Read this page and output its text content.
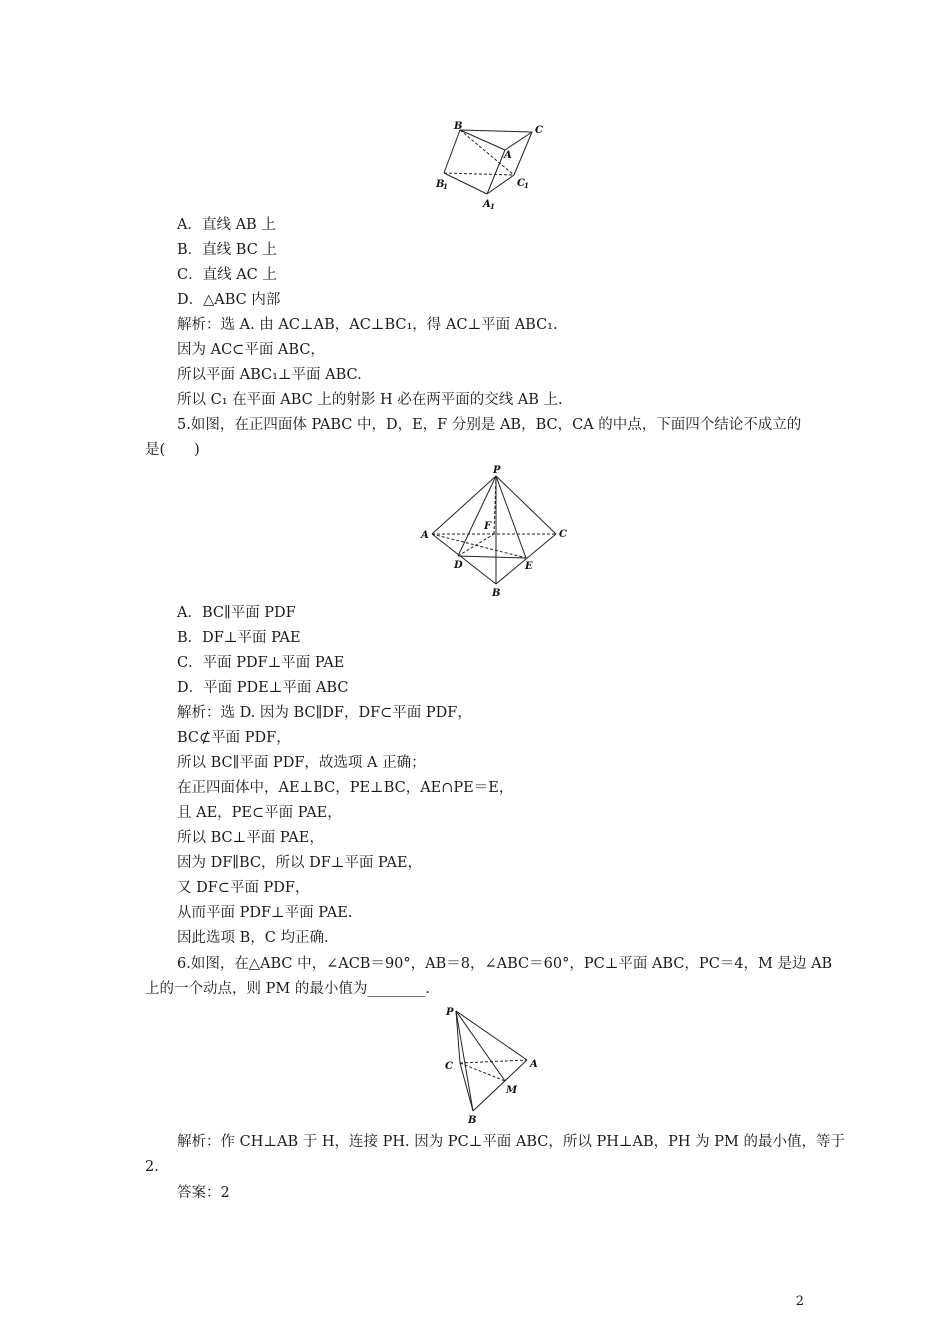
B	C
A
B
1	C 1
A 1
A．直线 AB 上
B．直线 BC 上
C．直线 AC 上
D．△ABC 内部
解析：选 A. 由 AC⊥AB，AC⊥BC₁，得 AC⊥平面 ABC₁.
因为 AC⊂平面 ABC，
所以平面 ABC₁⊥平面 ABC.
所以 C₁ 在平面 ABC 上的射影 H 必在两平面的交线 AB 上.
5.如图，在正四面体 PABC 中，D，E，F 分别是 AB，BC，CA 的中点，下面四个结论不成立的
是(　　)
P
A	C
F
D	E
B
A．BC∥平面 PDF
B．DF⊥平面 PAE
C．平面 PDF⊥平面 PAE
D．平面 PDE⊥平面 ABC
解析：选 D. 因为 BC∥DF，DF⊂平面 PDF，
BC⊄平面 PDF，
所以 BC∥平面 PDF，故选项 A 正确；
在正四面体中，AE⊥BC，PE⊥BC，AE∩PE＝E，
且 AE，PE⊂平面 PAE，
所以 BC⊥平面 PAE，
因为 DF∥BC，所以 DF⊥平面 PAE，
又 DF⊂平面 PDF，
从而平面 PDF⊥平面 PAE.
因此选项 B，C 均正确.
6.如图，在△ABC 中，∠ACB＝90°，AB＝8，∠ABC＝60°，PC⊥平面 ABC，PC＝4，M 是边 AB
上的一个动点，则 PM 的最小值为________.
P
C	A
M
B
解析：作 CH⊥AB 于 H，连接 PH. 因为 PC⊥平面 ABC，所以 PH⊥AB，PH 为 PM 的最小值，等于
2.
答案：2
2
